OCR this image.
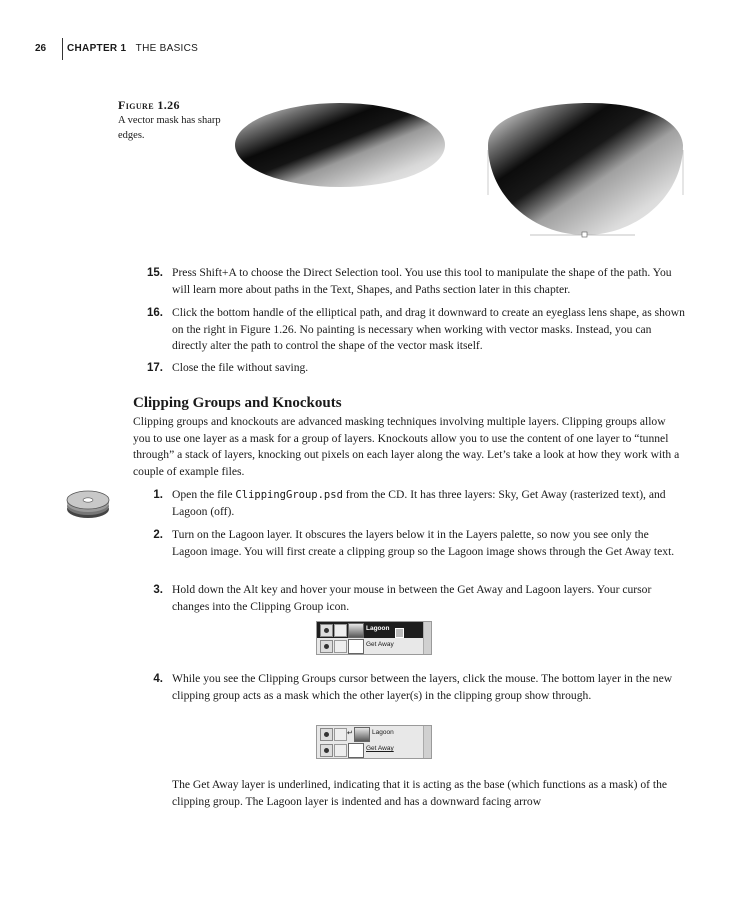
26 CHAPTER 1 THE BASICS
Figure 1.26
A vector mask has sharp edges.
15. Press Shift+A to choose the Direct Selection tool. You use this tool to manipulate the shape of the path. You will learn more about paths in the Text, Shapes, and Paths section later in this chapter.
16. Click the bottom handle of the elliptical path, and drag it downward to create an eyeglass lens shape, as shown on the right in Figure 1.26. No painting is necessary when working with vector masks. Instead, you can directly alter the path to control the shape of the vector mask itself.
17. Close the file without saving.
Clipping Groups and Knockouts
Clipping groups and knockouts are advanced masking techniques involving multiple layers. Clipping groups allow you to use one layer as a mask for a group of layers. Knockouts allow you to use the content of one layer to “tunnel through” a stack of layers, knocking out pixels on each layer along the way. Let’s take a look at how they work with a couple of example files.
1. Open the file ClippingGroup.psd from the CD. It has three layers: Sky, Get Away (rasterized text), and Lagoon (off).
2. Turn on the Lagoon layer. It obscures the layers below it in the Layers palette, so now you see only the Lagoon image. You will first create a clipping group so the Lagoon image shows through the Get Away text.
3. Hold down the Alt key and hover your mouse in between the Get Away and Lagoon layers. Your cursor changes into the Clipping Group icon.
Lagoon
Get Away
4. While you see the Clipping Groups cursor between the layers, click the mouse. The bottom layer in the new clipping group acts as a mask which the other layer(s) in the clipping group show through.
↵	Lagoon
Get Away
The Get Away layer is underlined, indicating that it is acting as the base (which functions as a mask) of the clipping group. The Lagoon layer is indented and has a downward facing arrow
